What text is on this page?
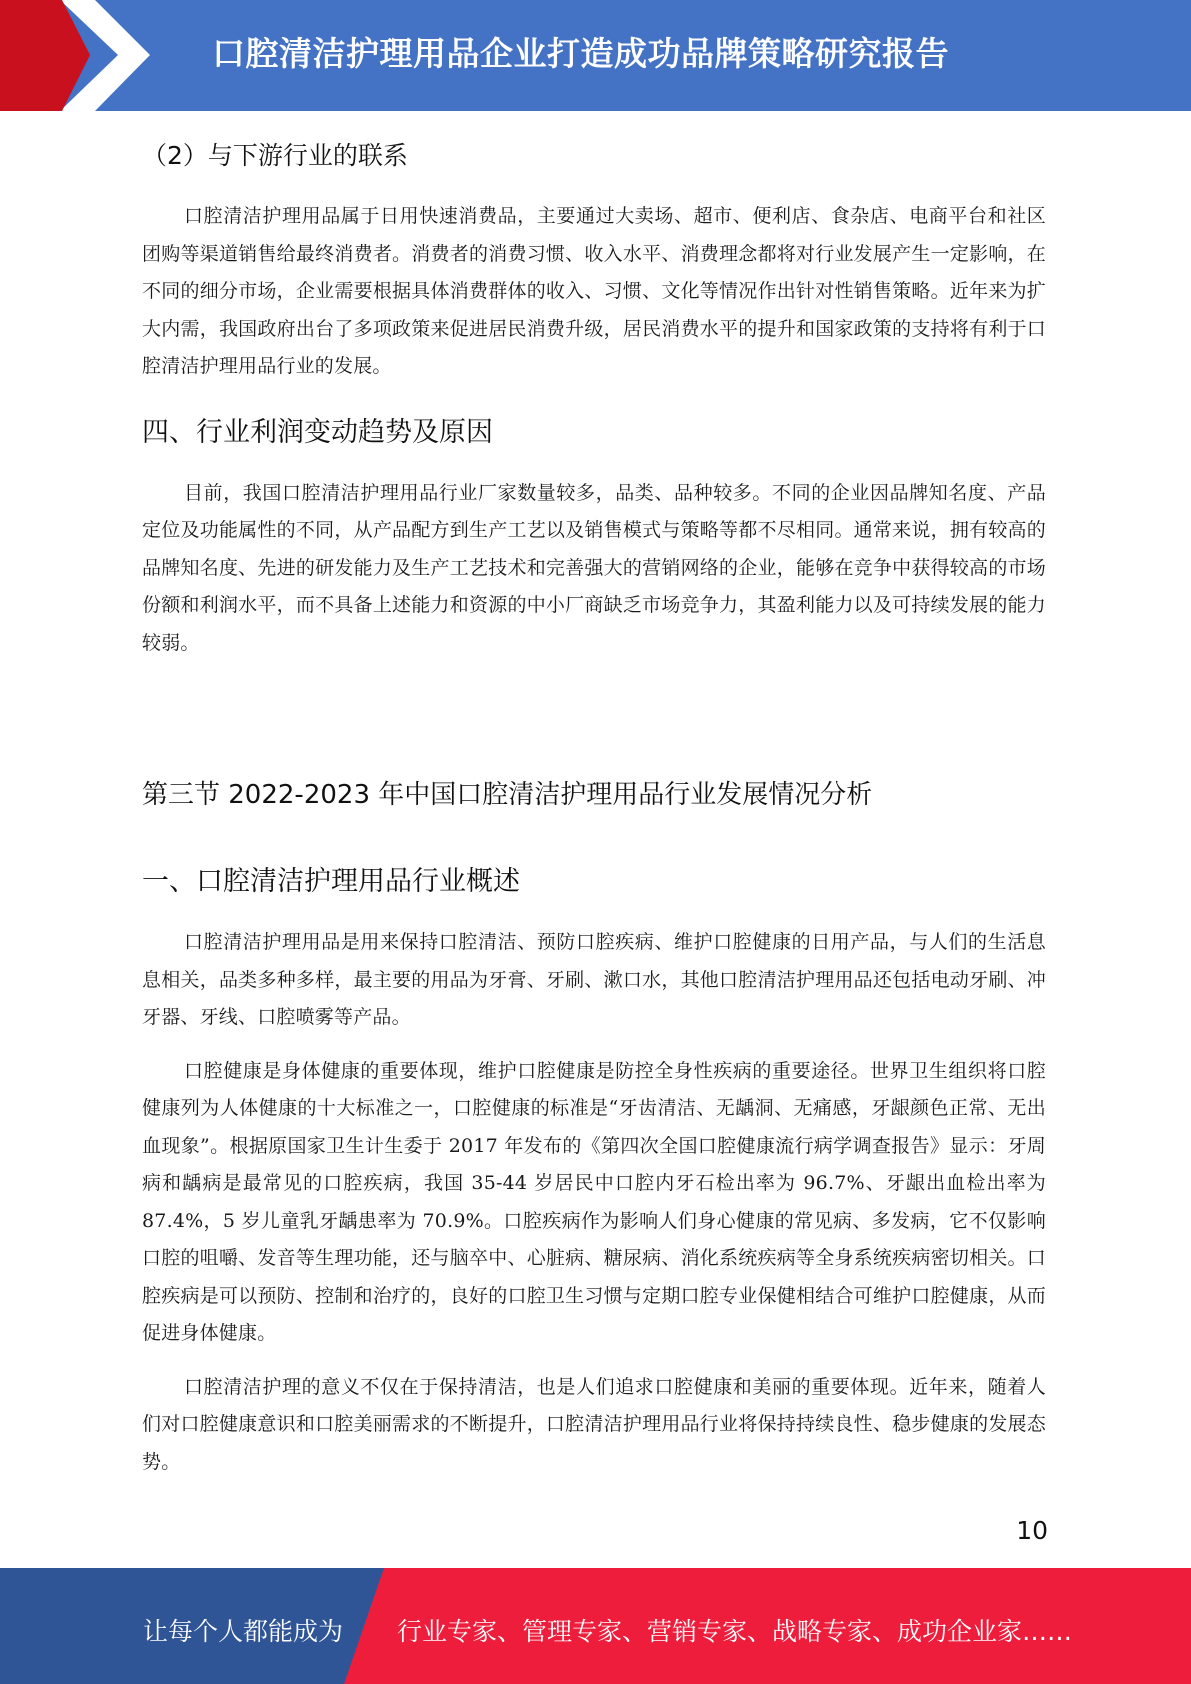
口腔清洁护理用品企业打造成功品牌策略研究报告
（2）与下游行业的联系

口腔清洁护理用品属于日用快速消费品，主要通过大卖场、超市、便利店、食杂店、电商平台和社区团购等渠道销售给最终消费者。消费者的消费习惯、收入水平、消费理念都将对行业发展产生一定影响，在不同的细分市场，企业需要根据具体消费群体的收入、习惯、文化等情况作出针对性销售策略。近年来为扩大内需，我国政府出台了多项政策来促进居民消费升级，居民消费水平的提升和国家政策的支持将有利于口腔清洁护理用品行业的发展。

四、行业利润变动趋势及原因

目前，我国口腔清洁护理用品行业厂家数量较多，品类、品种较多。不同的企业因品牌知名度、产品定位及功能属性的不同，从产品配方到生产工艺以及销售模式与策略等都不尽相同。通常来说，拥有较高的品牌知名度、先进的研发能力及生产工艺技术和完善强大的营销网络的企业，能够在竞争中获得较高的市场份额和利润水平，而不具备上述能力和资源的中小厂商缺乏市场竞争力，其盈利能力以及可持续发展的能力较弱。

第三节 2022-2023 年中国口腔清洁护理用品行业发展情况分析
一、口腔清洁护理用品行业概述

口腔清洁护理用品是用来保持口腔清洁、预防口腔疾病、维护口腔健康的日用产品，与人们的生活息息相关，品类多种多样，最主要的用品为牙膏、牙刷、漱口水，其他口腔清洁护理用品还包括电动牙刷、冲牙器、牙线、口腔喷雾等产品。

口腔健康是身体健康的重要体现，维护口腔健康是防控全身性疾病的重要途径。世界卫生组织将口腔健康列为人体健康的十大标准之一，口腔健康的标准是“牙齿清洁、无龋洞、无痛感，牙龈颜色正常、无出血现象”。根据原国家卫生计生委于 2017 年发布的《第四次全国口腔健康流行病学调查报告》显示：牙周病和龋病是最常见的口腔疾病，我国 35-44 岁居民中口腔内牙石检出率为 96.7%、牙龈出血检出率为 87.4%，5 岁儿童乳牙龋患率为 70.9%。口腔疾病作为影响人们身心健康的常见病、多发病，它不仅影响口腔的咀嚼、发音等生理功能，还与脑卒中、心脏病、糖尿病、消化系统疾病等全身系统疾病密切相关。口腔疾病是可以预防、控制和治疗的，良好的口腔卫生习惯与定期口腔专业保健相结合可维护口腔健康，从而促进身体健康。

口腔清洁护理的意义不仅在于保持清洁，也是人们追求口腔健康和美丽的重要体现。近年来，随着人们对口腔健康意识和口腔美丽需求的不断提升，口腔清洁护理用品行业将保持持续良性、稳步健康的发展态势。

10
让每个人都能成为 行业专家、管理专家、营销专家、战略专家、成功企业家……
